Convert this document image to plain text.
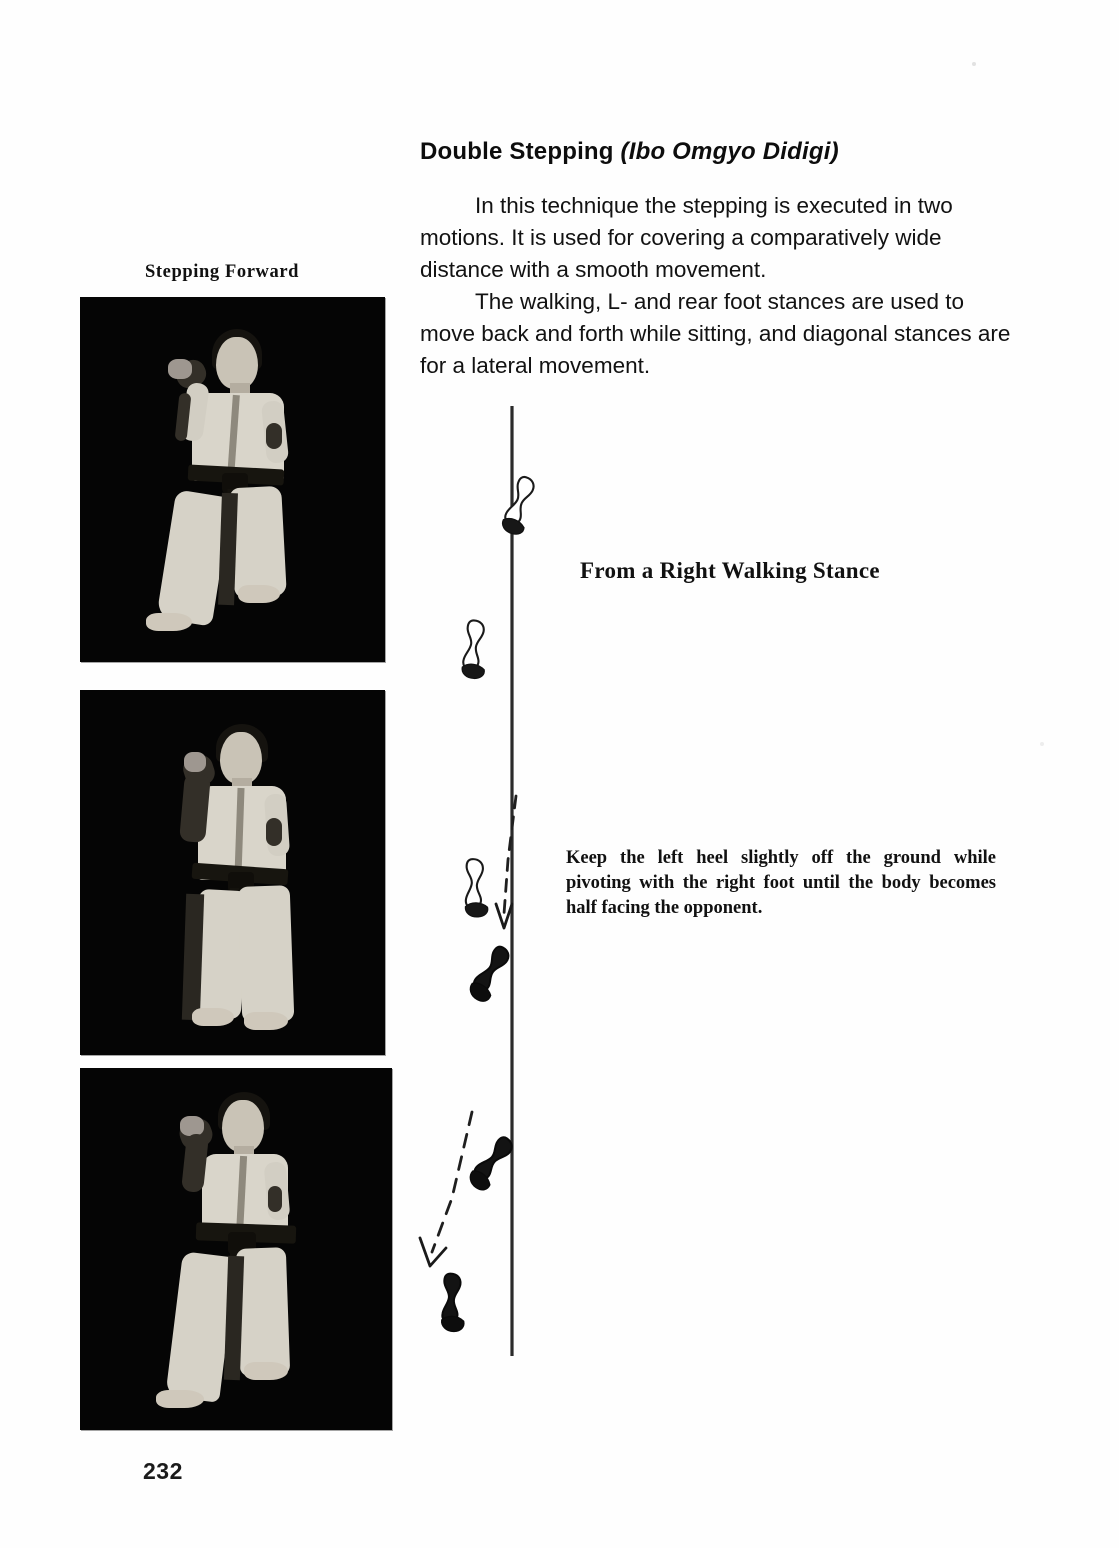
Double Stepping (Ibo Omgyo Didigi)

In this technique the stepping is executed in two motions. It is used for covering a comparatively wide distance with a smooth movement.

The walking, L- and rear foot stances are used to move back and forth while sitting, and diagonal stances are for a lateral movement.

Stepping Forward
From a Right Walking Stance
Keep the left heel slightly off the ground while pivoting with the right foot until the body becomes half facing the opponent.
232
